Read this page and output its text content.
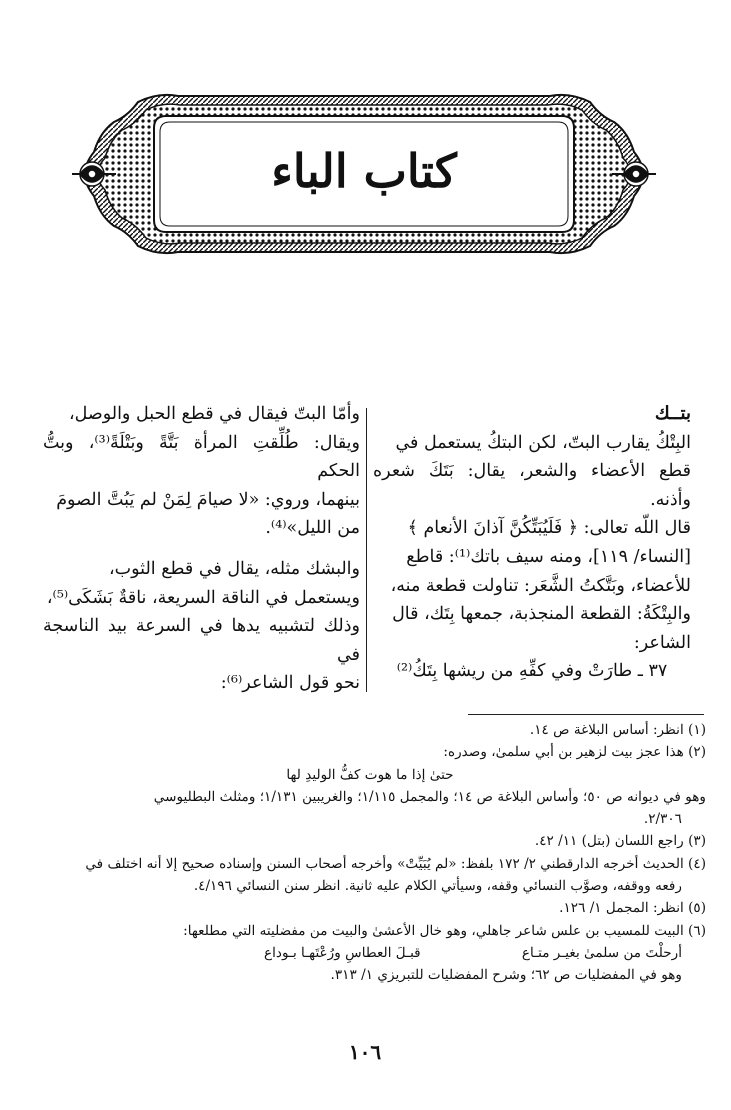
كتاب الباء

بتــك

البِتْكُ يقارب البتّ، لكن البتكُ يستعمل في

قطع الأعضاء والشعر، يقال: بَتَكَ شعره وأذنه.

قال اللّه تعالى: ﴿ فَلَيُبَتِّكُنَّ آذانَ الأنعام ﴾

[النساء/ ١١٩]، ومنه سيف باتك⁽¹⁾: قاطع

للأعضاء، وبَتَّكتُ الشَّعَر: تناولت قطعة منه،

والبِتْكَةُ: القطعة المنجذبة، جمعها بِتَك، قال

الشاعر:

٣٧ ـ طارَتْ وفي كفِّهِ من ريشها بِتَكُ⁽²⁾

وأمّا البتّ فيقال في قطع الحبل والوصل،

ويقال: طُلِّقتِ المرأة بَتَّةً وبَتْلَةً⁽³⁾، وبتُّ الحكم

بينهما، وروي: «لا صيامَ لِمَنْ لم يَبُتَّ الصومَ

من الليل»⁽⁴⁾.

والبشك مثله، يقال في قطع الثوب،

ويستعمل في الناقة السريعة، ناقةٌ بَشَكَى⁽⁵⁾،

وذلك لتشبيه يدها في السرعة بيد الناسجة في

نحو قول الشاعر⁽⁶⁾:

(١) انظر: أساس البلاغة ص ١٤.

(٢) هذا عجز بيت لزهير بن أبي سلمىٰ، وصدره:

حتىٰ إذا ما هوت كفُّ الوليدِ لها

وهو في ديوانه ص ٥٠؛ وأساس البلاغة ص ١٤؛ والمجمل ١/١١٥؛ والغريبين ١/١٣١؛ ومثلث البطليوسي

٢/٣٠٦.

(٣) راجع اللسان (بتل) ١١/ ٤٢.

(٤) الحديث أخرجه الدارقطني ٢/ ١٧٢ بلفظ: «لم يُبَيِّتْ» وأخرجه أصحاب السنن وإسناده صحيح إلا أنه اختلف في

رفعه ووقفه، وصوَّب النسائي وقفه، وسيأتي الكلام عليه ثانية. انظر سنن النسائي ٤/١٩٦.

(٥) انظر: المجمل ١/ ١٢٦.

(٦) البيت للمسيب بن علس شاعر جاهلي، وهو خال الأعشىٰ والبيت من مفضليته التي مطلعها:

أرحلْتَ من سلمىٰ بغيـر متـاع
قبـلَ العطاسِ ورُعْتَهـا بـوداع

وهو في المفضليات ص ٦٢؛ وشرح المفضليات للتبريزي ١/ ٣١٣.

١٠٦
